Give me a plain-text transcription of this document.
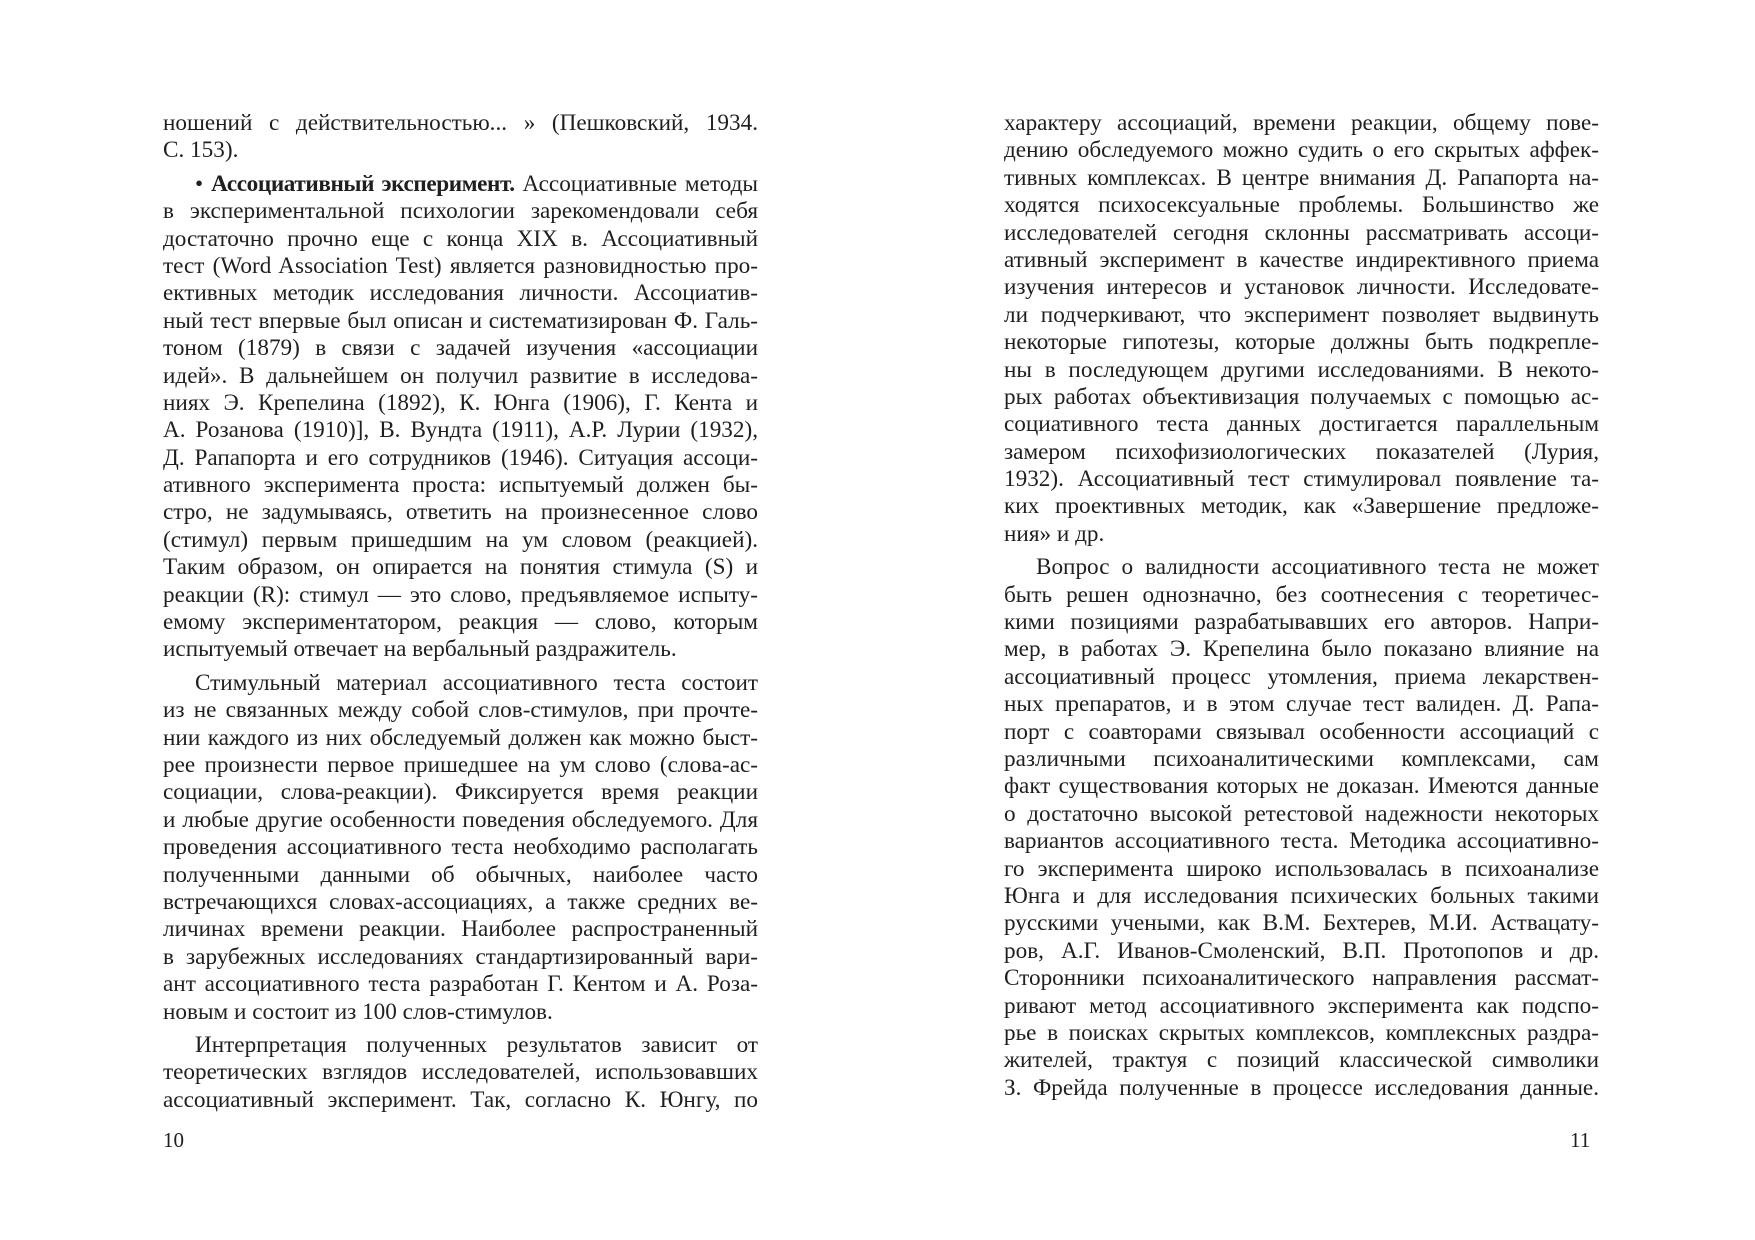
ношений с действительностью... » (Пешковский, 1934.
С. 153).
• Ассоциативный эксперимент. Ассоциативные методы
в экспериментальной психологии зарекомендовали себя
достаточно прочно еще с конца XIX в. Ассоциативный
тест (Word Association Test) является разновидностью про-
ективных методик исследования личности. Ассоциатив-
ный тест впервые был описан и систематизирован Ф. Галь-
тоном (1879) в связи с задачей изучения «ассоциации
идей». В дальнейшем он получил развитие в исследова-
ниях Э. Крепелина (1892), К. Юнга (1906), Г. Кента и
А. Розанова (1910)], В. Вундта (1911), А.Р. Лурии (1932),
Д. Рапапорта и его сотрудников (1946). Ситуация ассоци-
ативного эксперимента проста: испытуемый должен бы-
стро, не задумываясь, ответить на произнесенное слово
(стимул) первым пришедшим на ум словом (реакцией).
Таким образом, он опирается на понятия стимула (S) и
реакции (R): стимул — это слово, предъявляемое испыту-
емому экспериментатором, реакция — слово, которым
испытуемый отвечает на вербальный раздражитель.
Стимульный материал ассоциативного теста состоит
из не связанных между собой слов-стимулов, при прочте-
нии каждого из них обследуемый должен как можно быст-
рее произнести первое пришедшее на ум слово (слова-ас-
социации, слова-реакции). Фиксируется время реакции
и любые другие особенности поведения обследуемого. Для
проведения ассоциативного теста необходимо располагать
полученными данными об обычных, наиболее часто
встречающихся словах-ассоциациях, а также средних ве-
личинах времени реакции. Наиболее распространенный
в зарубежных исследованиях стандартизированный вари-
ант ассоциативного теста разработан Г. Кентом и А. Роза-
новым и состоит из 100 слов-стимулов.
Интерпретация полученных результатов зависит от
теоретических взглядов исследователей, использовавших
ассоциативный эксперимент. Так, согласно К. Юнгу, по
характеру ассоциаций, времени реакции, общему пове-
дению обследуемого можно судить о его скрытых аффек-
тивных комплексах. В центре внимания Д. Рапапорта на-
ходятся психосексуальные проблемы. Большинство же
исследователей сегодня склонны рассматривать ассоци-
ативный эксперимент в качестве индирективного приема
изучения интересов и установок личности. Исследовате-
ли подчеркивают, что эксперимент позволяет выдвинуть
некоторые гипотезы, которые должны быть подкрепле-
ны в последующем другими исследованиями. В некото-
рых работах объективизация получаемых с помощью ас-
социативного теста данных достигается параллельным
замером психофизиологических показателей (Лурия,
1932). Ассоциативный тест стимулировал появление та-
ких проективных методик, как «Завершение предложе-
ния» и др.
Вопрос о валидности ассоциативного теста не может
быть решен однозначно, без соотнесения с теоретичес-
кими позициями разрабатывавших его авторов. Напри-
мер, в работах Э. Крепелина было показано влияние на
ассоциативный процесс утомления, приема лекарствен-
ных препаратов, и в этом случае тест валиден. Д. Рапа-
порт с соавторами связывал особенности ассоциаций с
различными психоаналитическими комплексами, сам
факт существования которых не доказан. Имеются данные
о достаточно высокой ретестовой надежности некоторых
вариантов ассоциативного теста. Методика ассоциативно-
го эксперимента широко использовалась в психоанализе
Юнга и для исследования психических больных такими
русскими учеными, как В.М. Бехтерев, М.И. Аствацату-
ров, А.Г. Иванов-Смоленский, В.П. Протопопов и др.
Сторонники психоаналитического направления рассмат-
ривают метод ассоциативного эксперимента как подспо-
рье в поисках скрытых комплексов, комплексных раздра-
жителей, трактуя с позиций классической символики
З. Фрейда полученные в процессе исследования данные.
10	11
